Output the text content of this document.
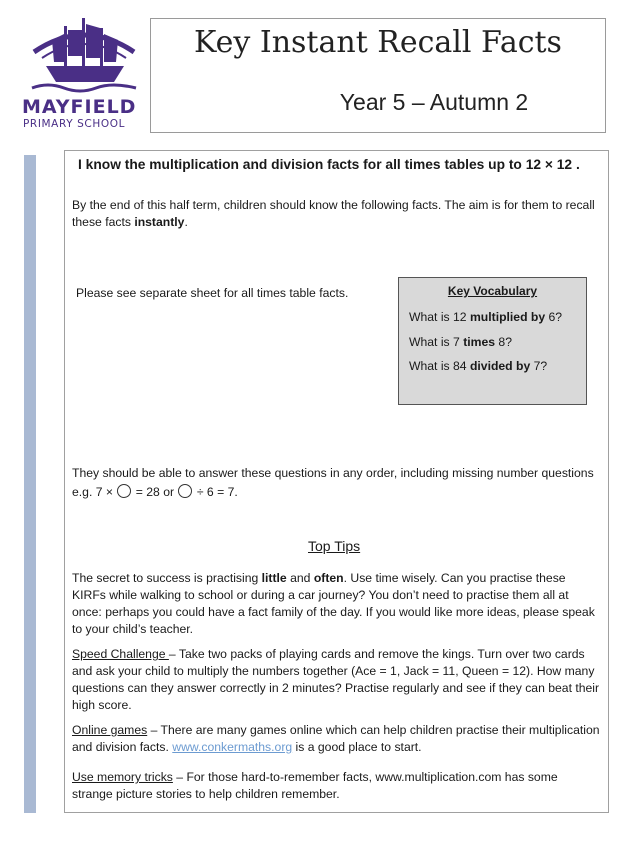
MAYFIELD
PRIMARY SCHOOL
Key Instant Recall Facts
Year 5 – Autumn 2

I know the multiplication and division facts for all times tables up to 12 × 12 .

By the end of this half term, children should know the following facts. The aim is for them to recall these facts instantly.

Please see separate sheet for all times table facts.	Key Vocabulary
What is 12 multiplied by 6?
What is 7 times 8?
What is 84 divided by 7?

They should be able to answer these questions in any order, including missing number questions e.g. 7 ×  = 28 or  ÷ 6 = 7.

Top Tips

The secret to success is practising little and often. Use time wisely. Can you practise these KIRFs while walking to school or during a car journey? You don’t need to practise them all at once: perhaps you could have a fact family of the day. If you would like more ideas, please speak to your child’s teacher.

Speed Challenge – Take two packs of playing cards and remove the kings. Turn over two cards and ask your child to multiply the numbers together (Ace = 1, Jack = 11, Queen = 12). How many questions can they answer correctly in 2 minutes? Practise regularly and see if they can beat their high score.

Online games – There are many games online which can help children practise their multiplication and division facts. www.conkermaths.org is a good place to start.

Use memory tricks – For those hard-to-remember facts, www.multiplication.com has some strange picture stories to help children remember.
